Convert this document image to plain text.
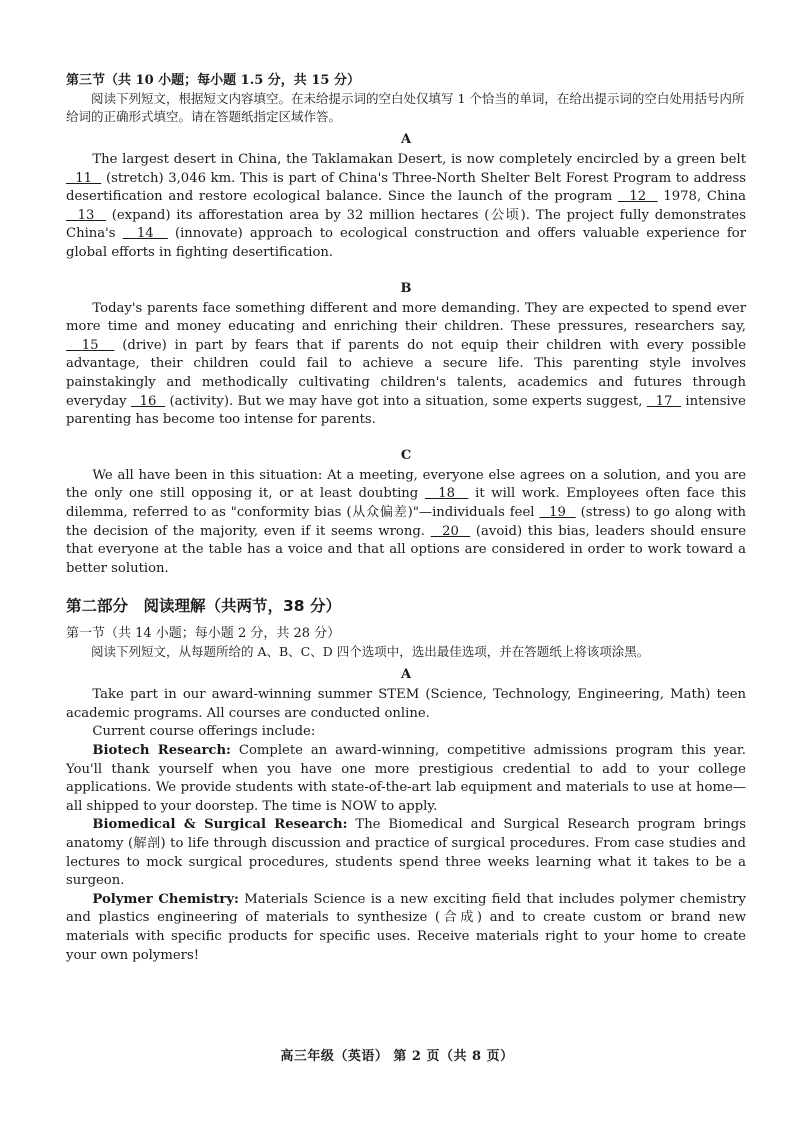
第三节（共 10 小题；每小题 1.5 分，共 15 分）

阅读下列短文，根据短文内容填空。在未给提示词的空白处仅填写 1 个恰当的单词，在给出提示词的空白处用括号内所给词的正确形式填空。请在答题纸指定区域作答。

A

The largest desert in China, the Taklamakan Desert, is now completely encircled by a green belt   11   (stretch) 3,046 km. This is part of China's Three-North Shelter Belt Forest Program to address desertification and restore ecological balance. Since the launch of the program   12   1978, China   13   (expand) its afforestation area by 32 million hectares (公顷). The project fully demonstrates China's   14   (innovate) approach to ecological construction and offers valuable experience for global efforts in fighting desertification.

B

Today's parents face something different and more demanding. They are expected to spend ever more time and money educating and enriching their children. These pressures, researchers say,   15   (drive) in part by fears that if parents do not equip their children with every possible advantage, their children could fail to achieve a secure life. This parenting style involves painstakingly and methodically cultivating children's talents, academics and futures through everyday   16   (activity). But we may have got into a situation, some experts suggest,   17   intensive parenting has become too intense for parents.

C

We all have been in this situation: At a meeting, everyone else agrees on a solution, and you are the only one still opposing it, or at least doubting   18   it will work. Employees often face this dilemma, referred to as "conformity bias (从众偏差)"—individuals feel   19   (stress) to go along with the decision of the majority, even if it seems wrong.   20   (avoid) this bias, leaders should ensure that everyone at the table has a voice and that all options are considered in order to work toward a better solution.

第二部分　阅读理解（共两节，38 分）

第一节（共 14 小题；每小题 2 分，共 28 分）

阅读下列短文，从每题所给的 A、B、C、D 四个选项中，选出最佳选项，并在答题纸上将该项涂黑。

A

Take part in our award-winning summer STEM (Science, Technology, Engineering, Math) teen academic programs. All courses are conducted online.

Current course offerings include:

Biotech Research: Complete an award-winning, competitive admissions program this year. You'll thank yourself when you have one more prestigious credential to add to your college applications. We provide students with state-of-the-art lab equipment and materials to use at home—all shipped to your doorstep. The time is NOW to apply.

Biomedical & Surgical Research: The Biomedical and Surgical Research program brings anatomy (解剖) to life through discussion and practice of surgical procedures. From case studies and lectures to mock surgical procedures, students spend three weeks learning what it takes to be a surgeon.

Polymer Chemistry: Materials Science is a new exciting field that includes polymer chemistry and plastics engineering of materials to synthesize (合成) and to create custom or brand new materials with specific products for specific uses. Receive materials right to your home to create your own polymers!

高三年级（英语） 第 2 页（共 8 页）
